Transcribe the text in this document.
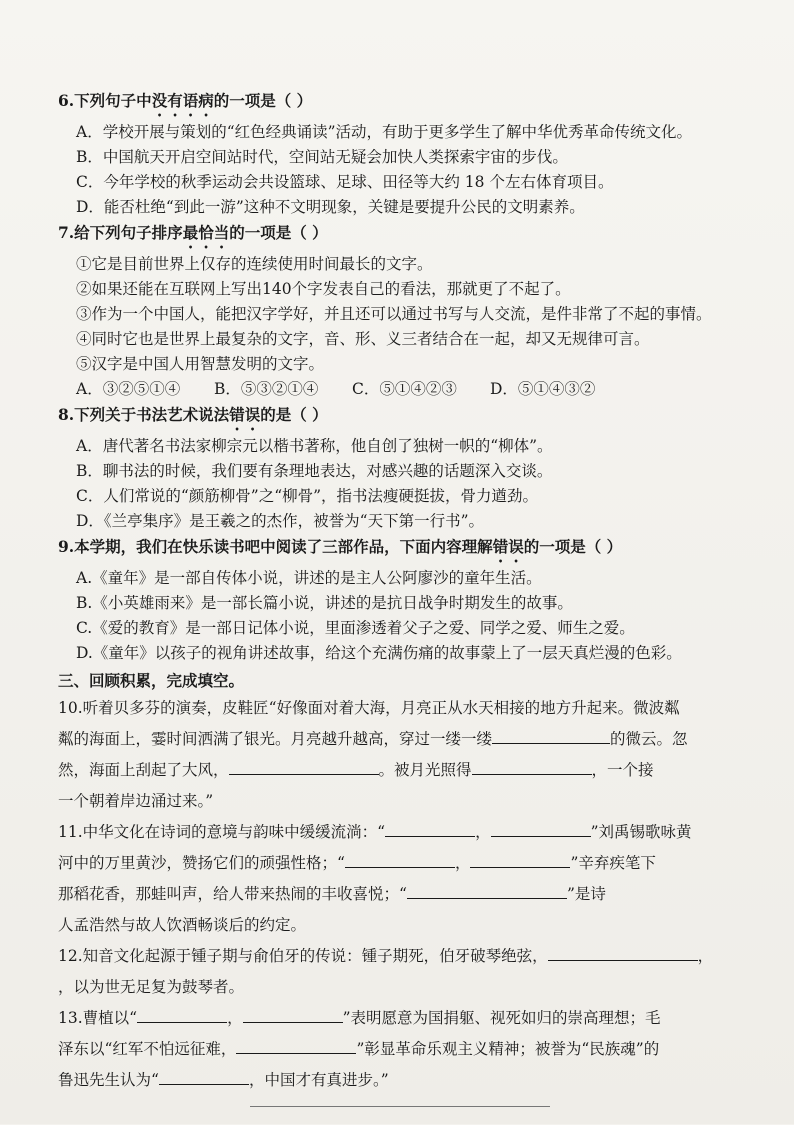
6.下列句子中没有语病的一项是（ ）

A．学校开展与策划的“红色经典诵读”活动，有助于更多学生了解中华优秀革命传统文化。

B．中国航天开启空间站时代，空间站无疑会加快人类探索宇宙的步伐。

C．今年学校的秋季运动会共设篮球、足球、田径等大约 18 个左右体育项目。

D．能否杜绝“到此一游”这种不文明现象，关键是要提升公民的文明素养。

7.给下列句子排序最恰当的一项是（ ）

①它是目前世界上仅存的连续使用时间最长的文字。

②如果还能在互联网上写出140个字发表自己的看法，那就更了不起了。

③作为一个中国人，能把汉字学好，并且还可以通过书写与人交流，是件非常了不起的事情。

④同时它也是世界上最复杂的文字，音、形、义三者结合在一起，却又无规律可言。

⑤汉字是中国人用智慧发明的文字。

A．③②⑤①④	B．⑤③②①④	C．⑤①④②③	D．⑤①④③②

8.下列关于书法艺术说法错误的是（ ）

A．唐代著名书法家柳宗元以楷书著称，他自创了独树一帜的“柳体”。

B．聊书法的时候，我们要有条理地表达，对感兴趣的话题深入交谈。

C．人们常说的“颜筋柳骨”之“柳骨”，指书法瘦硬挺拔，骨力遒劲。

D．《兰亭集序》是王羲之的杰作，被誉为“天下第一行书”。

9.本学期，我们在快乐读书吧中阅读了三部作品，下面内容理解错误的一项是（ ）

A.《童年》是一部自传体小说，讲述的是主人公阿廖沙的童年生活。

B.《小英雄雨来》是一部长篇小说，讲述的是抗日战争时期发生的故事。

C.《爱的教育》是一部日记体小说，里面渗透着父子之爱、同学之爱、师生之爱。

D.《童年》以孩子的视角讲述故事，给这个充满伤痛的故事蒙上了一层天真烂漫的色彩。

三、回顾积累，完成填空。

10.听着贝多芬的演奏，皮鞋匠“好像面对着大海，月亮正从水天相接的地方升起来。微波粼
粼的海面上，霎时间洒满了银光。月亮越升越高，穿过一缕一缕	的微云。忽
然，海面上刮起了大风，	。被月光照得	，一个接
一个朝着岸边涌过来。”

11.中华文化在诗词的意境与韵味中缓缓流淌：“	，	”刘禹锡歌咏黄
河中的万里黄沙，赞扬它们的顽强性格；“	，	”辛弃疾笔下
那稻花香，那蛙叫声，给人带来热闹的丰收喜悦；“	”是诗
人孟浩然与故人饮酒畅谈后的约定。

12.知音文化起源于锺子期与俞伯牙的传说：锺子期死，伯牙破琴绝弦，	，
，以为世无足复为鼓琴者。

13.曹植以“	，	”表明愿意为国捐躯、视死如归的崇高理想；毛
泽东以“红军不怕远征难，	”彰显革命乐观主义精神；被誉为“民族魂”的
鲁迅先生认为“	，中国才有真进步。”
